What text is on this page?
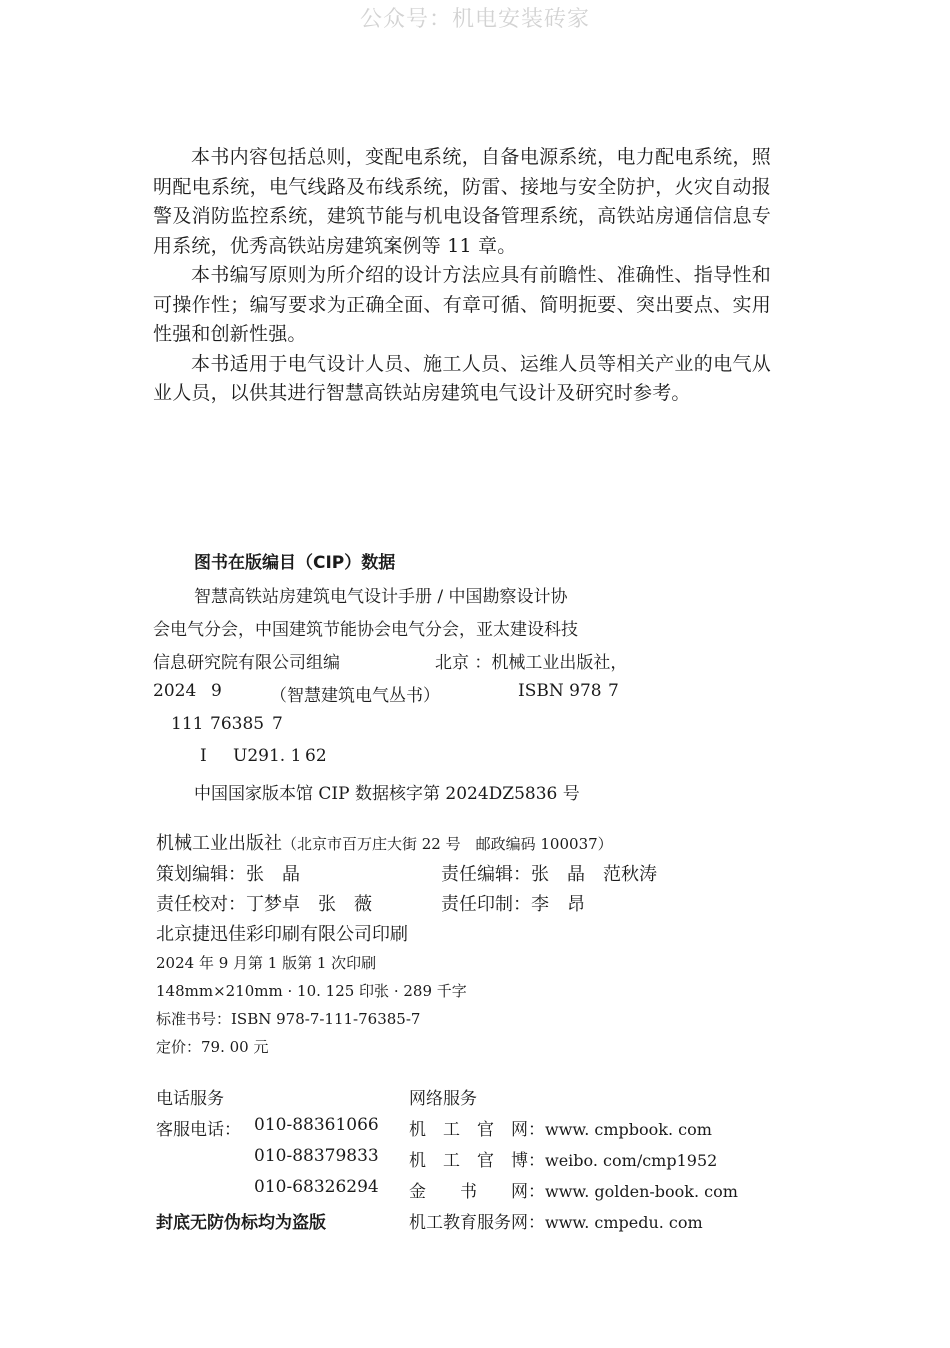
公众号：机电安装砖家

本书内容包括总则，变配电系统，自备电源系统，电力配电系统，照明配电系统，电气线路及布线系统，防雷、接地与安全防护，火灾自动报警及消防监控系统，建筑节能与机电设备管理系统，高铁站房通信信息专用系统，优秀高铁站房建筑案例等 11 章。

本书编写原则为所介绍的设计方法应具有前瞻性、准确性、指导性和可操作性；编写要求为正确全面、有章可循、简明扼要、突出要点、实用性强和创新性强。

本书适用于电气设计人员、施工人员、运维人员等相关产业的电气从业人员，以供其进行智慧高铁站房建筑电气设计及研究时参考。

图书在版编目（CIP）数据
智慧高铁站房建筑电气设计手册 / 中国勘察设计协
会电气分会，中国建筑节能协会电气分会，亚太建设科技
信息研究院有限公司组编	北京 ：机械工业出版社，
2024 9	（智慧建筑电气丛书）	ISBN 978 7
111 76385 7
Ⅰ U291. 1 62
中国国家版本馆 CIP 数据核字第 2024DZ5836 号
机械工业出版社（北京市百万庄大街 22 号　邮政编码 100037）
策划编辑：张　晶	责任编辑：张　晶　范秋涛
责任校对：丁梦卓　张　薇	责任印制：李　昂
北京捷迅佳彩印刷有限公司印刷
2024 年 9 月第 1 版第 1 次印刷
148mm×210mm · 10. 125 印张 · 289 千字
标准书号：ISBN 978-7-111-76385-7
定价：79. 00 元
电话服务	网络服务
客服电话： 010-88361066
010-88379833
010-68326294
封底无防伪标均为盗版
机　工　官　网：www. cmpbook. com
机　工　官　博：weibo. com/cmp1952
金　　书　　网：www. golden-book. com
机工教育服务网：www. cmpedu. com
